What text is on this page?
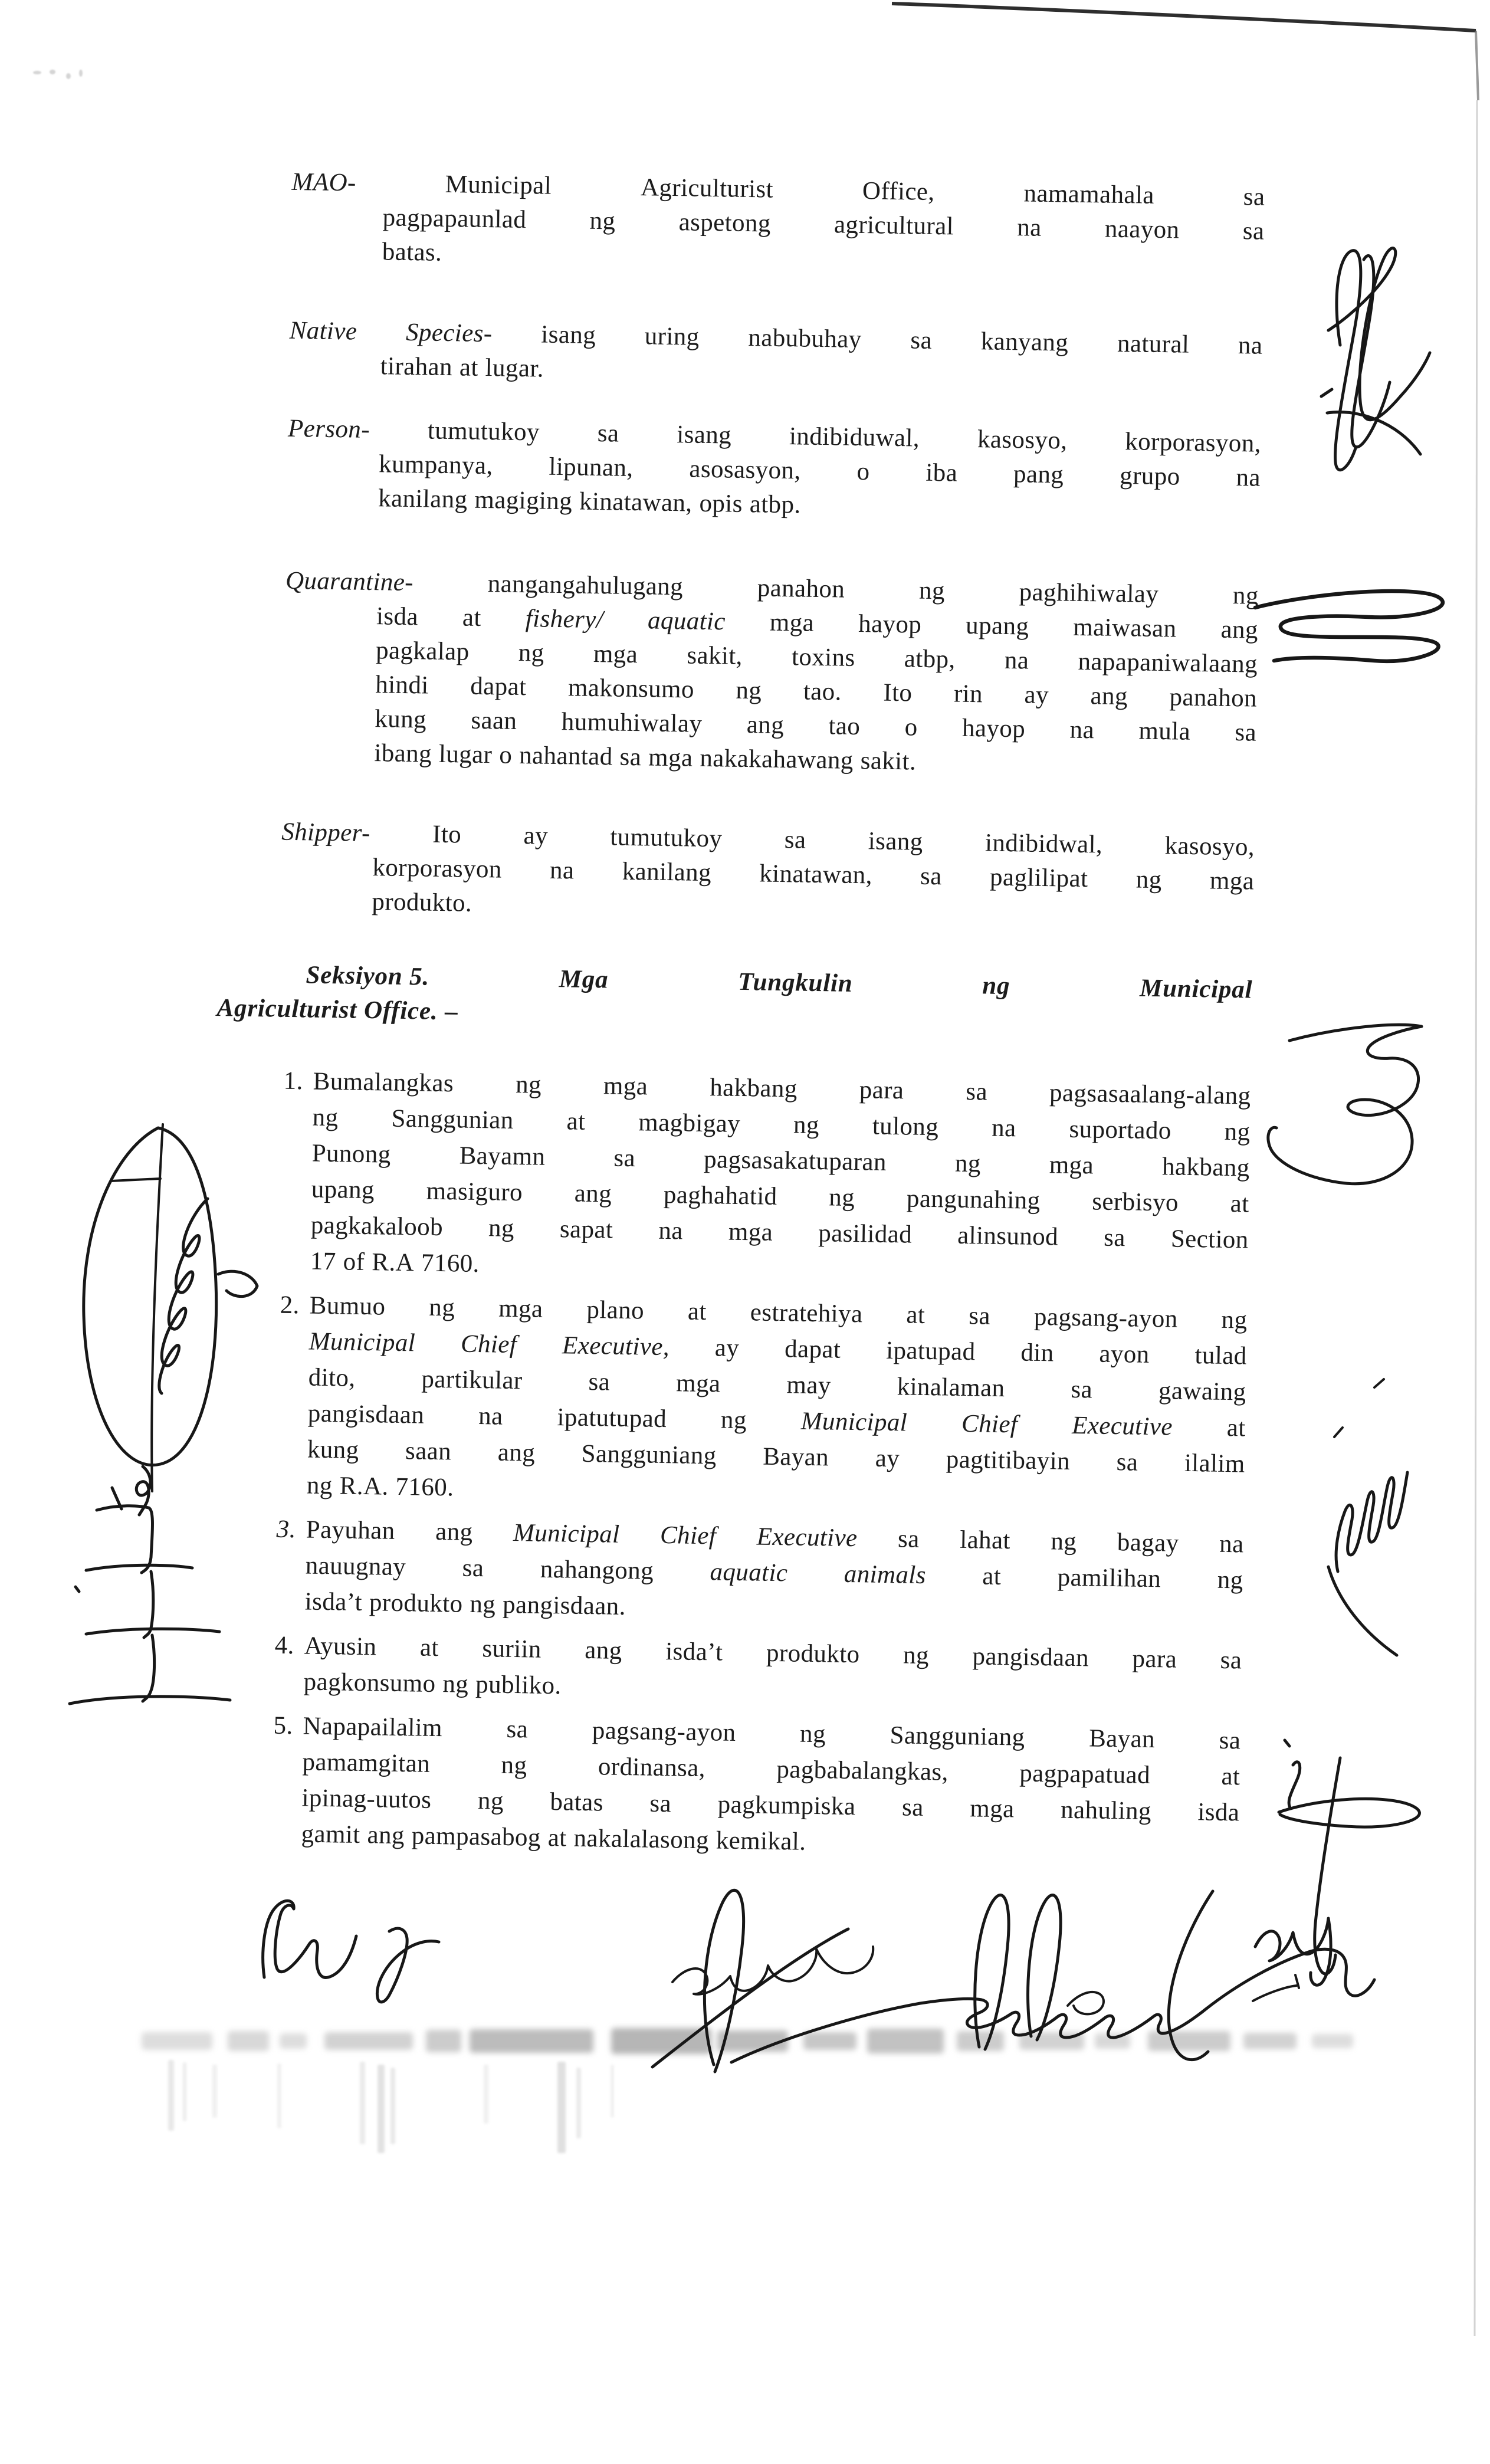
MAO-	Municipal	Agriculturist	Office,	namamahala	sa
pagpapaunlad ng aspetong agricultural na naayon sa
batas.
Native Species- isang uring nabubuhay sa kanyang natural na
tirahan at lugar.
Person- tumutukoy sa isang indibiduwal, kasosyo, korporasyon,
kumpanya, lipunan, asosasyon, o iba pang grupo na
kanilang magiging kinatawan, opis atbp.
Quarantine-	nangangahulugang	panahon	ng	paghihiwalay	ng
isda at fishery/ aquatic mga hayop upang maiwasan ang
pagkalap ng mga sakit, toxins atbp, na napapaniwalaang
hindi dapat makonsumo ng tao. Ito rin ay ang panahon
kung saan humuhiwalay ang tao o hayop na mula sa
ibang lugar o nahantad sa mga nakakahawang sakit.
Shipper- Ito ay tumutukoy sa isang indibidwal, kasosyo,
korporasyon na kanilang kinatawan, sa paglilipat ng mga
produkto.
Seksiyon 5.	Mga	Tungkulin	ng	Municipal
Agriculturist Office. –
1. Bumalangkas ng mga hakbang para sa pagsasaalang-alang
ng Sanggunian at magbigay ng tulong na suportado ng
Punong	Bayamn	sa	pagsasakatuparan	ng	mga	hakbang
upang masiguro ang paghahatid ng pangunahing serbisyo at
pagkakaloob ng sapat na mga pasilidad alinsunod sa Section
17 of R.A 7160.
2. Bumuo ng mga plano at estratehiya at sa pagsang-ayon ng
Municipal Chief Executive, ay dapat ipatupad din ayon tulad
dito,	partikular	sa	mga	may	kinalaman	sa	gawaing
pangisdaan na ipatutupad ng Municipal Chief Executive at
kung saan ang Sangguniang Bayan ay pagtitibayin sa ilalim
ng R.A. 7160.
3. Payuhan ang Municipal Chief Executive sa lahat ng bagay na
nauugnay sa nahangong aquatic animals at pamilihan ng
isda’t produkto ng pangisdaan.
4. Ayusin at suriin ang isda’t produkto ng pangisdaan para sa
pagkonsumo ng publiko.
5. Napapailalim	sa	pagsang-ayon	ng	Sangguniang	Bayan	sa
pamamgitan	ng	ordinansa,	pagbabalangkas,	pagpapatuad	at
ipinag-uutos ng batas sa pagkumpiska sa mga nahuling isda
gamit ang pampasabog at nakalalasong kemikal.
